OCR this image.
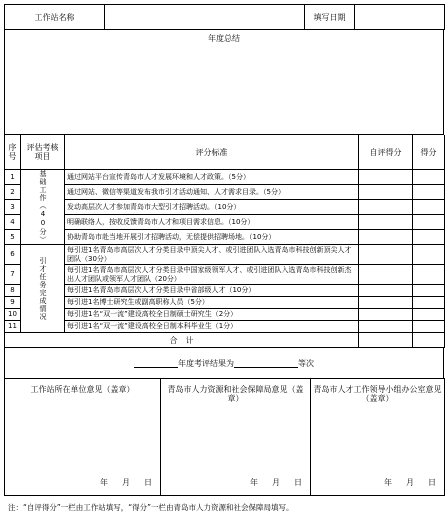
工作站名称		填写日期	
年度总结
序号	评估考核项目	评分标准	自评得分	得分
1	基础工作（40分）	通过网站平台宣传青岛市人才发展环境和人才政策。（5分）		
2		通过网站、微信等渠道发布我市引才活动通知、人才需求目录。（5分）		
3		发动高层次人才参加青岛市大型引才招聘活动。（10分）		
4		明确联络人，按收反馈青岛市人才和项目需求信息。（10分）		
5		协助青岛市赴当地开展引才招聘活动，无偿提供招聘场地。（10分）		
6	引才任务完成情况	每引进1名青岛市高层次人才分类目录中顶尖人才、或引进团队入选青岛市科技创新顶尖人才团队（30分）		
7		每引进1名青岛市高层次人才分类目录中国家级领军人才、或引进团队入选青岛市科技创新杰出人才团队或领军人才团队（20分）		
8		每引进1名青岛市高层次人才分类目录中省部级人才（10分）		
9		每引进1名博士研究生或副高职称人员（5分）		
10		每引进1名“双一流”建设高校全日制硕士研究生（2分）		
11		每引进1名“双一流”建设高校全日制本科毕业生（1分）		
合　计				

年度考评结果为
	等次
工作站所在单位意见（盖章）
年 月 日
	青岛市人力资源和社会保障局意见（盖章）
年 月 日
	青岛市人才工作领导小组办公室意见（盖章）
年 月 日
注：“自评得分”一栏由工作站填写，“得分”一栏由青岛市人力资源和社会保障局填写。
